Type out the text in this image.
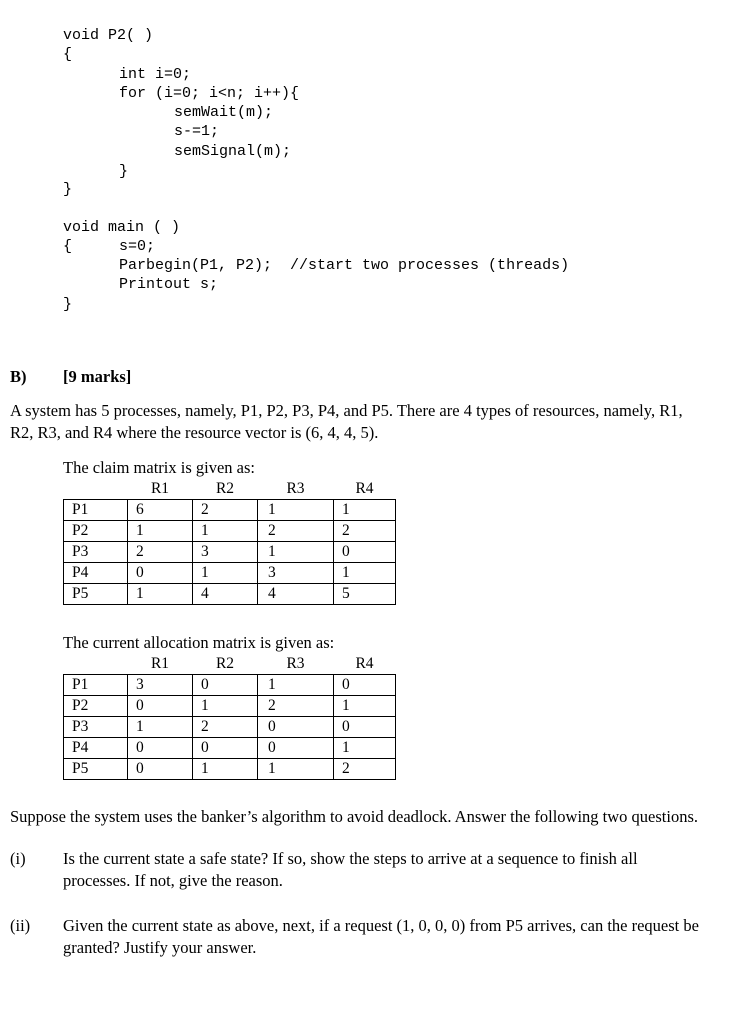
void P2( )
{
int i=0;
for (i=0; i<n; i++){
semWait(m);
s-=1;
semSignal(m);
}
}
void main ( )
{	s=0;
Parbegin(P1, P2);  //start two processes (threads)
Printout s;
}
B) [9 marks]
A system has 5 processes, namely, P1, P2, P3, P4, and P5. There are 4 types of resources, namely, R1, R2, R3, and R4 where the resource vector is (6, 4, 4, 5).
The claim matrix is given as:
	R1	R2	R3	R4
P1	6	2	1	1
P2	1	1	2	2
P3	2	3	1	0
P4	0	1	3	1
P5	1	4	4	5
The current allocation matrix is given as:
	R1	R2	R3	R4
P1	3	0	1	0
P2	0	1	2	1
P3	1	2	0	0
P4	0	0	0	1
P5	0	1	1	2
Suppose the system uses the banker’s algorithm to avoid deadlock. Answer the following two questions.
(i) Is the current state a safe state? If so, show the steps to arrive at a sequence to finish all processes. If not, give the reason.
(ii) Given the current state as above, next, if a request (1, 0, 0, 0) from P5 arrives, can the request be granted? Justify your answer.
